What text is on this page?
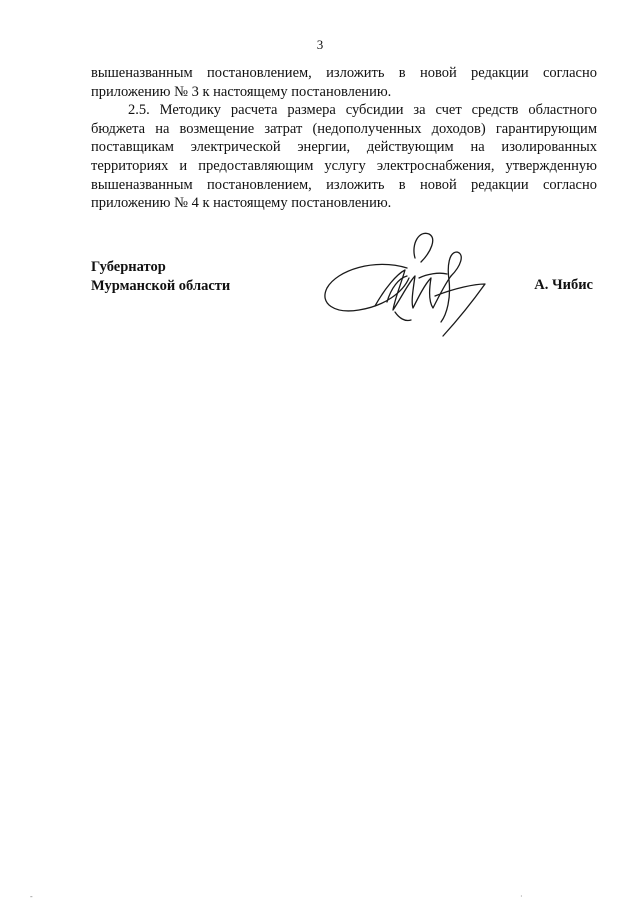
3

вышеназванным постановлением, изложить в новой редакции согласно приложению № 3 к настоящему постановлению.

2.5. Методику расчета размера субсидии за счет средств областного бюджета на возмещение затрат (недополученных доходов) гарантирующим поставщикам электрической энергии, действующим на изолированных территориях и предоставляющим услугу электроснабжения, утвержденную вышеназванным постановлением, изложить в новой редакции согласно приложению № 4 к настоящему постановлению.

Губернатор
Мурманской области	А. Чибис
-	·
